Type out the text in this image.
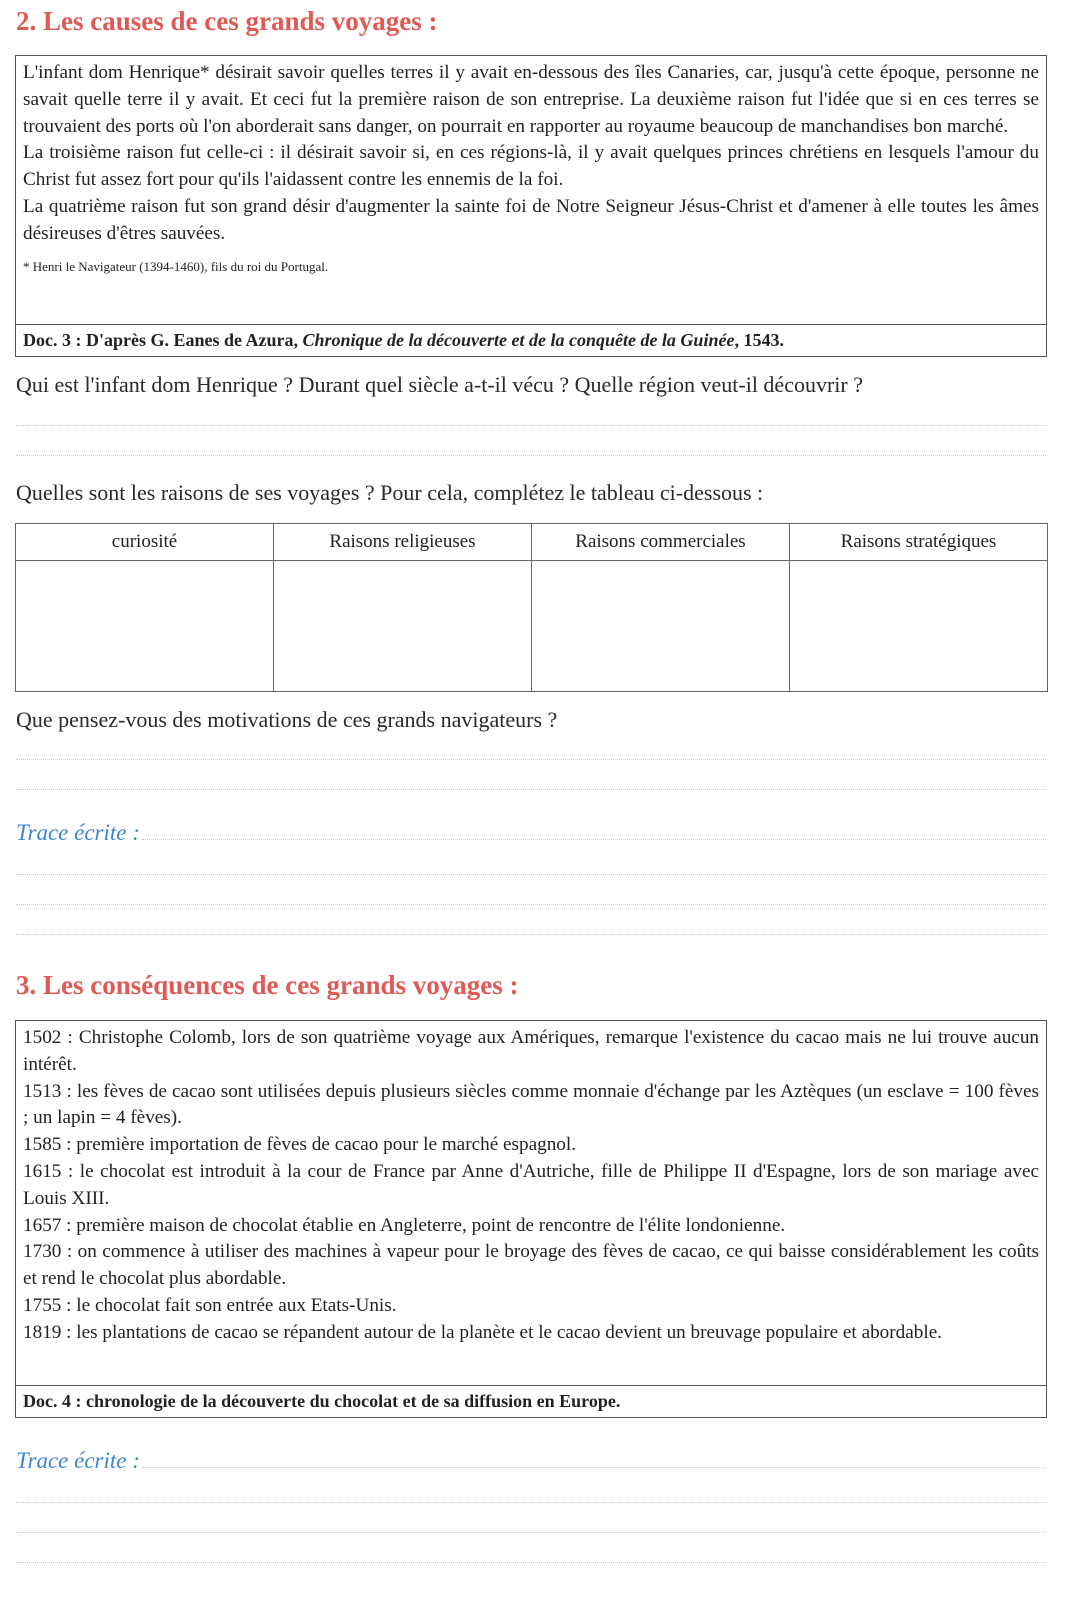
2. Les causes de ces grands voyages :

L'infant dom Henrique* désirait savoir quelles terres il y avait en-dessous des îles Canaries, car, jusqu'à cette époque, personne ne savait quelle terre il y avait. Et ceci fut la première raison de son entreprise. La deuxième raison fut l'idée que si en ces terres se trouvaient des ports où l'on aborderait sans danger, on pourrait en rapporter au royaume beaucoup de manchandises bon marché.

La troisième raison fut celle-ci : il désirait savoir si, en ces régions-là, il y avait quelques princes chrétiens en lesquels l'amour du Christ fut assez fort pour qu'ils l'aidassent contre les ennemis de la foi.

La quatrième raison fut son grand désir d'augmenter la sainte foi de Notre Seigneur Jésus-Christ et d'amener à elle toutes les âmes désireuses d'êtres sauvées.

* Henri le Navigateur (1394-1460), fils du roi du Portugal.
Doc. 3 : D'après G. Eanes de Azura, Chronique de la découverte et de la conquête de la Guinée, 1543.

Qui est l'infant dom Henrique ? Durant quel siècle a-t-il vécu ? Quelle région veut-il découvrir ?

Quelles sont les raisons de ses voyages ? Pour cela, complétez le tableau ci-dessous :

curiosité	Raisons religieuses	Raisons commerciales	Raisons stratégiques

Que pensez-vous des motivations de ces grands navigateurs ?

Trace écrite :
3. Les conséquences de ces grands voyages :

1502 : Christophe Colomb, lors de son quatrième voyage aux Amériques, remarque l'existence du cacao mais ne lui trouve aucun intérêt.

1513 : les fèves de cacao sont utilisées depuis plusieurs siècles comme monnaie d'échange par les Aztèques (un esclave = 100 fèves ; un lapin = 4 fèves).

1585 : première importation de fèves de cacao pour le marché espagnol.

1615 : le chocolat est introduit à la cour de France par Anne d'Autriche, fille de Philippe II d'Espagne, lors de son mariage avec Louis XIII.

1657 : première maison de chocolat établie en Angleterre, point de rencontre de l'élite londonienne.

1730 : on commence à utiliser des machines à vapeur pour le broyage des fèves de cacao, ce qui baisse considérablement les coûts et rend le chocolat plus abordable.

1755 : le chocolat fait son entrée aux Etats-Unis.

1819 : les plantations de cacao se répandent autour de la planète et le cacao devient un breuvage populaire et abordable.

Doc. 4 : chronologie de la découverte du chocolat et de sa diffusion en Europe.
Trace écrite :
